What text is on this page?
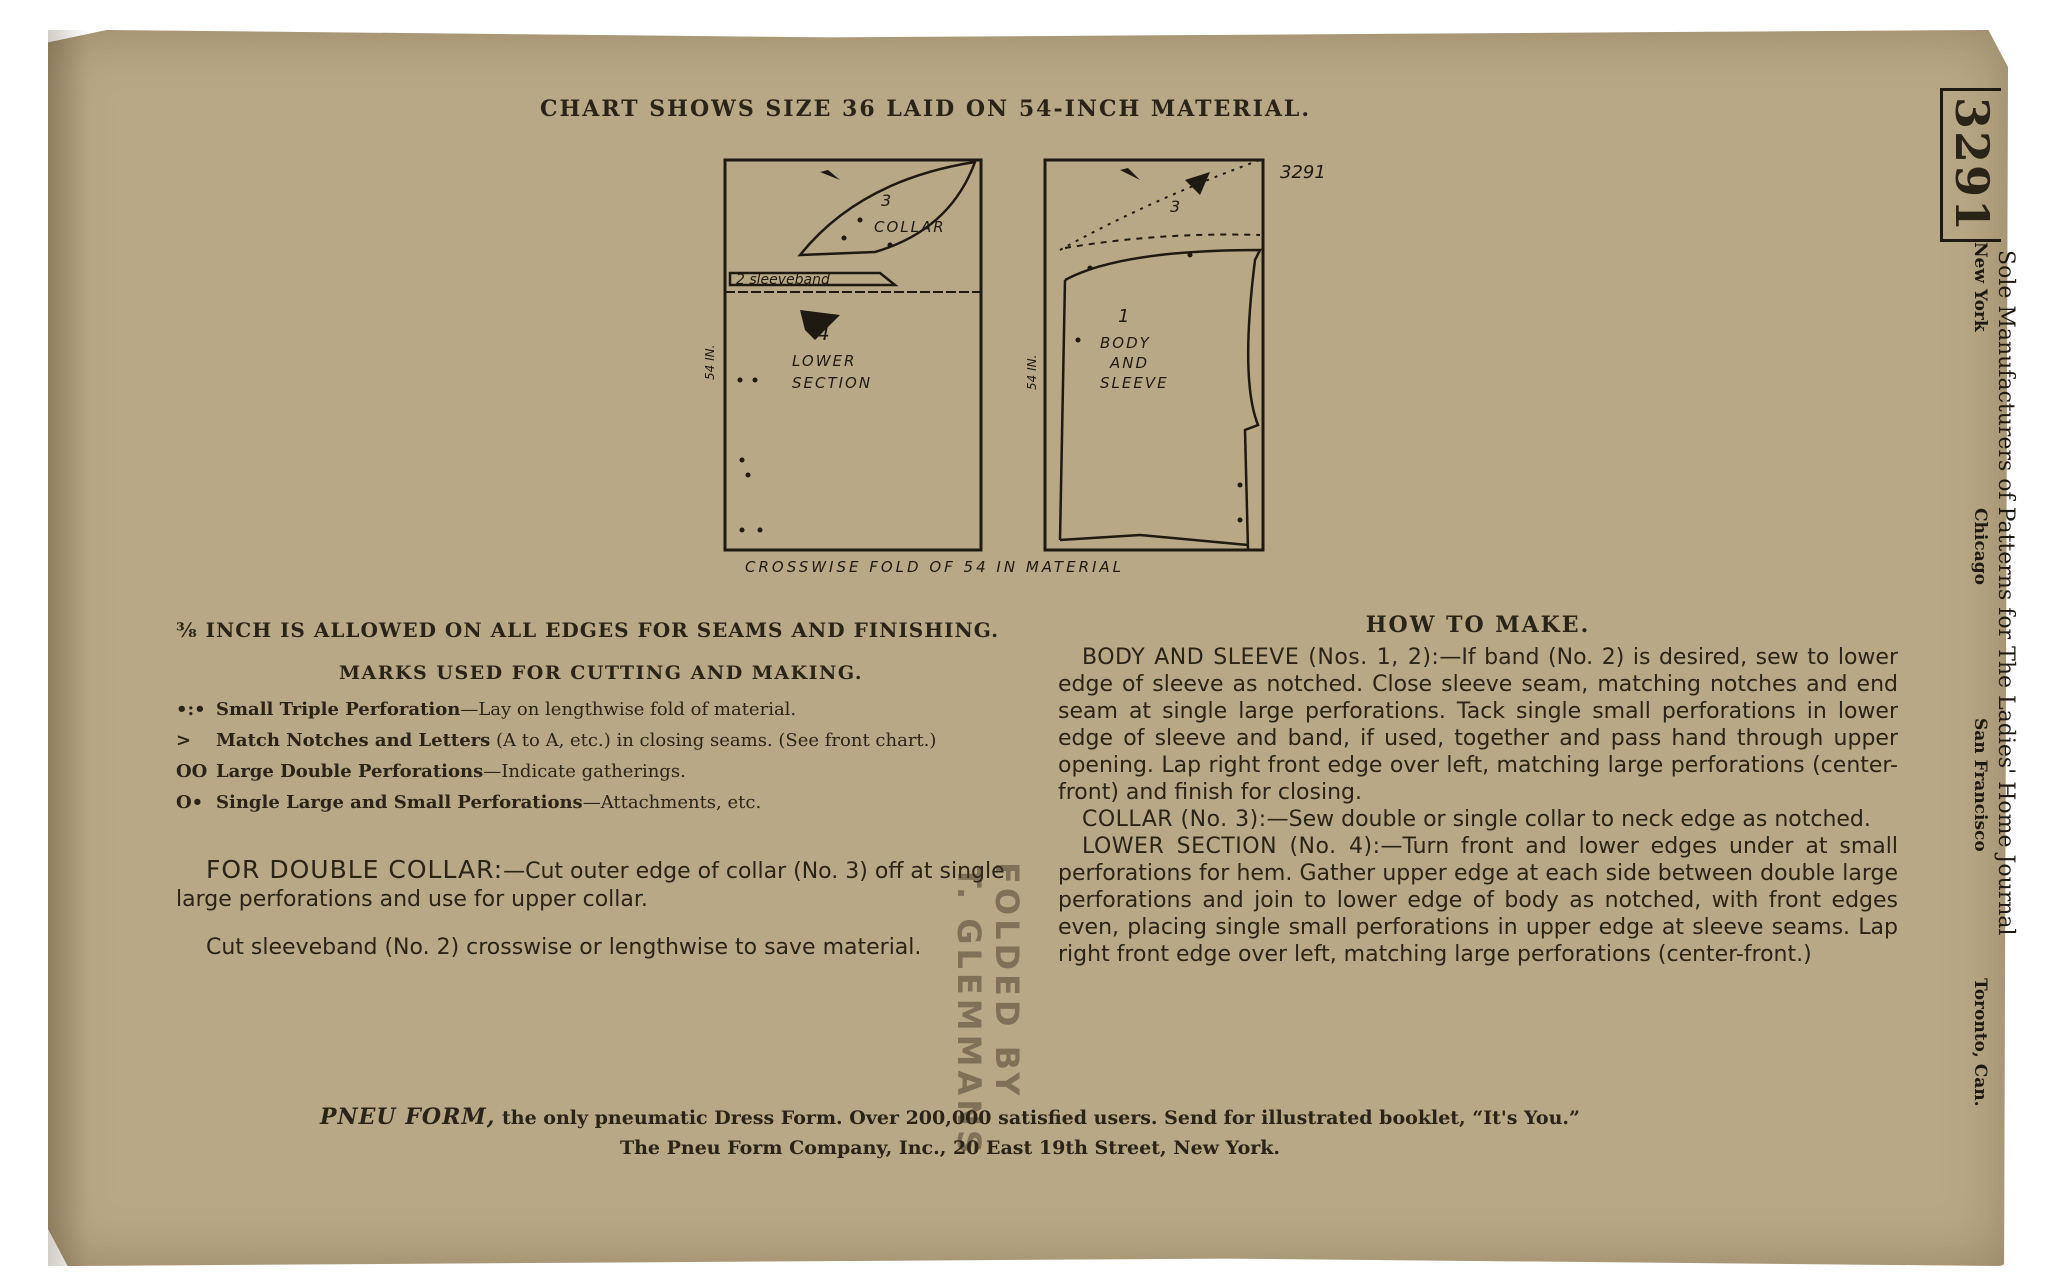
CHART SHOWS SIZE 36 LAID ON 54-INCH MATERIAL.
3
COLLAR
2 sleeveband
4
LOWER
SECTION
54 IN.
3
3291
1
BODY
AND
SLEEVE
54 IN.
CROSSWISE FOLD OF 54 IN MATERIAL
3291
Sole Manufacturers of Patterns for The Ladies' Home Journal
New York
Chicago
San Francisco
Toronto, Can.

⅜ INCH IS ALLOWED ON ALL EDGES FOR SEAMS AND FINISHING.

MARKS USED FOR CUTTING AND MAKING.
•:• Small Triple Perforation—Lay on lengthwise fold of material.
>	Match Notches and Letters (A to A, etc.) in closing seams. (See front chart.)
OO Large Double Perforations—Indicate gatherings.
O• Single Large and Small Perforations—Attachments, etc.

FOR DOUBLE COLLAR:—Cut outer edge of collar (No. 3) off at single large perforations and use for upper collar.

Cut sleeveband (No. 2) crosswise or lengthwise to save material.	FOLDED BY
T. GLEMMANS
HOW TO MAKE.

BODY AND SLEEVE (Nos. 1, 2):—If band (No. 2) is desired, sew to lower edge of sleeve as notched. Close sleeve seam, matching notches and end seam at single large perforations. Tack single small perforations in lower edge of sleeve and band, if used, together and pass hand through upper opening. Lap right front edge over left, matching large perforations (center-front) and finish for closing.

COLLAR (No. 3):—Sew double or single collar to neck edge as notched.

LOWER SECTION (No. 4):—Turn front and lower edges under at small perforations for hem. Gather upper edge at each side between double large perforations and join to lower edge of body as notched, with front edges even, placing single small perforations in upper edge at sleeve seams. Lap right front edge over left, matching large perforations (center-front.)

PNEU FORM, the only pneumatic Dress Form. Over 200,000 satisfied users. Send for illustrated booklet, “It's You.”
The Pneu Form Company, Inc., 20 East 19th Street, New York.
